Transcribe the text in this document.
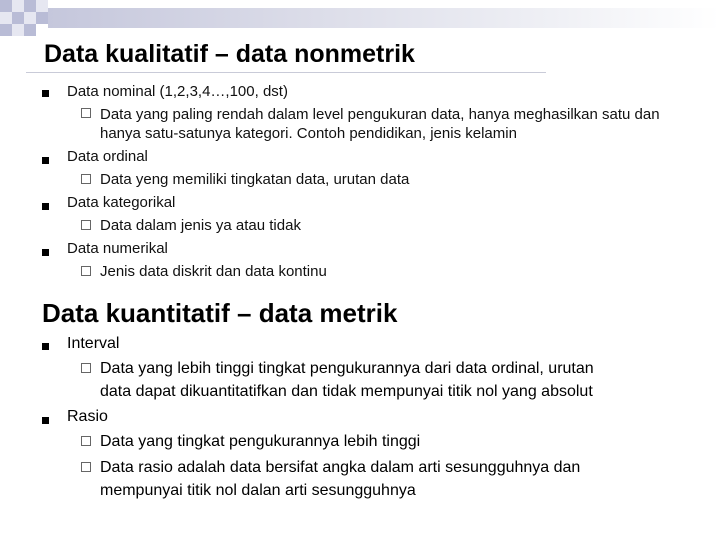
Data kualitatif – data nonmetrik
Data nominal (1,2,3,4…,100, dst)
Data yang paling rendah dalam level pengukuran data, hanya meghasilkan satu dan
hanya satu-satunya kategori. Contoh pendidikan, jenis kelamin
Data ordinal
Data yeng memiliki tingkatan data, urutan data
Data kategorikal
Data dalam jenis ya atau tidak
Data numerikal
Jenis data diskrit dan data kontinu
Data kuantitatif – data metrik
Interval
Data yang lebih tinggi tingkat pengukurannya dari data ordinal, urutan
data dapat dikuantitatifkan dan tidak mempunyai titik nol yang absolut
Rasio
Data yang tingkat pengukurannya lebih tinggi
Data rasio adalah data bersifat angka dalam arti sesungguhnya dan
mempunyai titik nol dalan arti sesungguhnya
